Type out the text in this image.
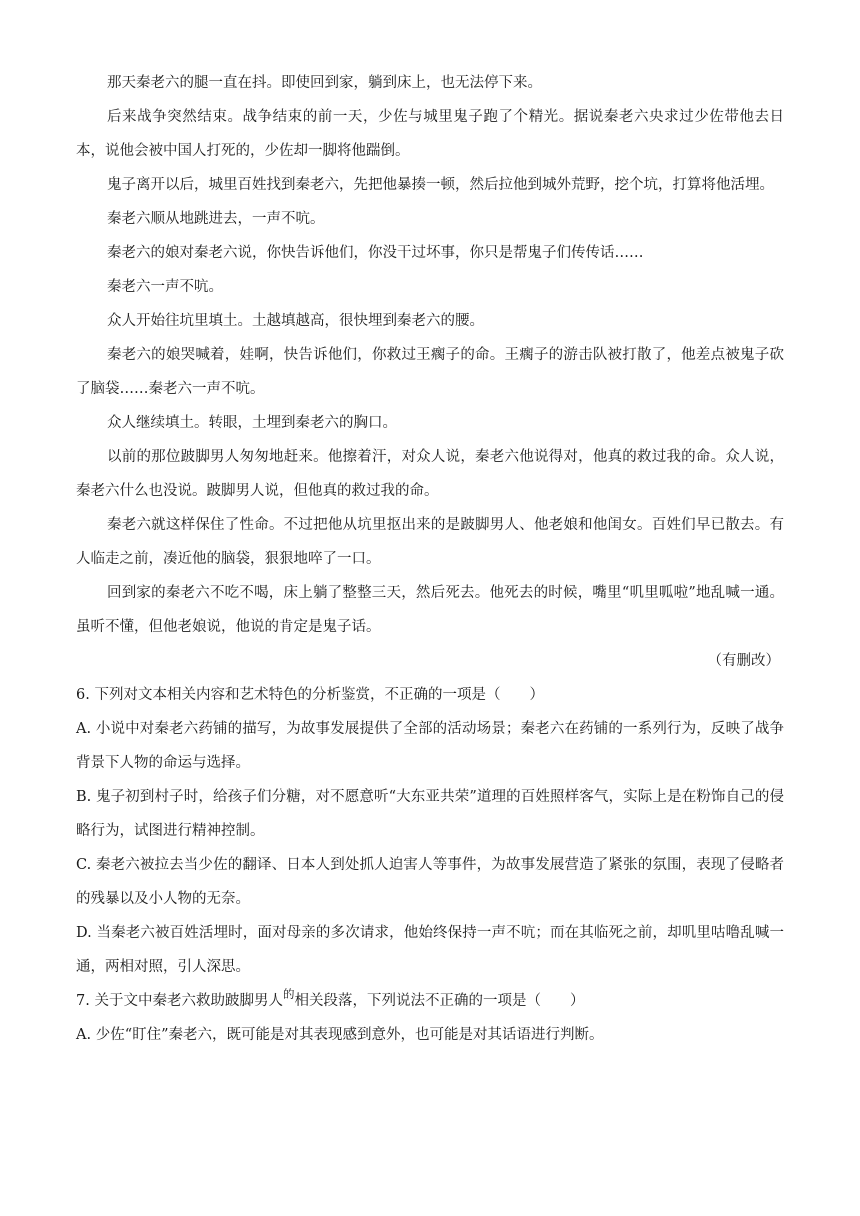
那天秦老六的腿一直在抖。即使回到家，躺到床上，也无法停下来。

后来战争突然结束。战争结束的前一天，少佐与城里鬼子跑了个精光。据说秦老六央求过少佐带他去日本，说他会被中国人打死的，少佐却一脚将他踹倒。

鬼子离开以后，城里百姓找到秦老六，先把他暴揍一顿，然后拉他到城外荒野，挖个坑，打算将他活埋。

秦老六顺从地跳进去，一声不吭。

秦老六的娘对秦老六说，你快告诉他们，你没干过坏事，你只是帮鬼子们传传话……

秦老六一声不吭。

众人开始往坑里填土。土越填越高，很快埋到秦老六的腰。

秦老六的娘哭喊着，娃啊，快告诉他们，你救过王瘸子的命。王瘸子的游击队被打散了，他差点被鬼子砍了脑袋……秦老六一声不吭。

众人继续填土。转眼，土埋到秦老六的胸口。

以前的那位跛脚男人匆匆地赶来。他擦着汗，对众人说，秦老六他说得对，他真的救过我的命。众人说，秦老六什么也没说。跛脚男人说，但他真的救过我的命。

秦老六就这样保住了性命。不过把他从坑里抠出来的是跛脚男人、他老娘和他闺女。百姓们早已散去。有人临走之前，凑近他的脑袋，狠狠地啐了一口。

回到家的秦老六不吃不喝，床上躺了整整三天，然后死去。他死去的时候，嘴里“叽里呱啦”地乱喊一通。虽听不懂，但他老娘说，他说的肯定是鬼子话。

（有删改）

6. 下列对文本相关内容和艺术特色的分析鉴赏，不正确的一项是（　　）

A. 小说中对秦老六药铺的描写，为故事发展提供了全部的活动场景；秦老六在药铺的一系列行为，反映了战争背景下人物的命运与选择。

B. 鬼子初到村子时，给孩子们分糖，对不愿意听“大东亚共荣”道理的百姓照样客气，实际上是在粉饰自己的侵略行为，试图进行精神控制。

C. 秦老六被拉去当少佐的翻译、日本人到处抓人迫害人等事件，为故事发展营造了紧张的氛围，表现了侵略者的残暴以及小人物的无奈。

D. 当秦老六被百姓活埋时，面对母亲的多次请求，他始终保持一声不吭；而在其临死之前，却叽里咕噜乱喊一通，两相对照，引人深思。

7. 关于文中秦老六救助跛脚男人$^的$相关段落，下列说法不正确的一项是（　　）

A. 少佐“盯住”秦老六，既可能是对其表现感到意外，也可能是对其话语进行判断。
